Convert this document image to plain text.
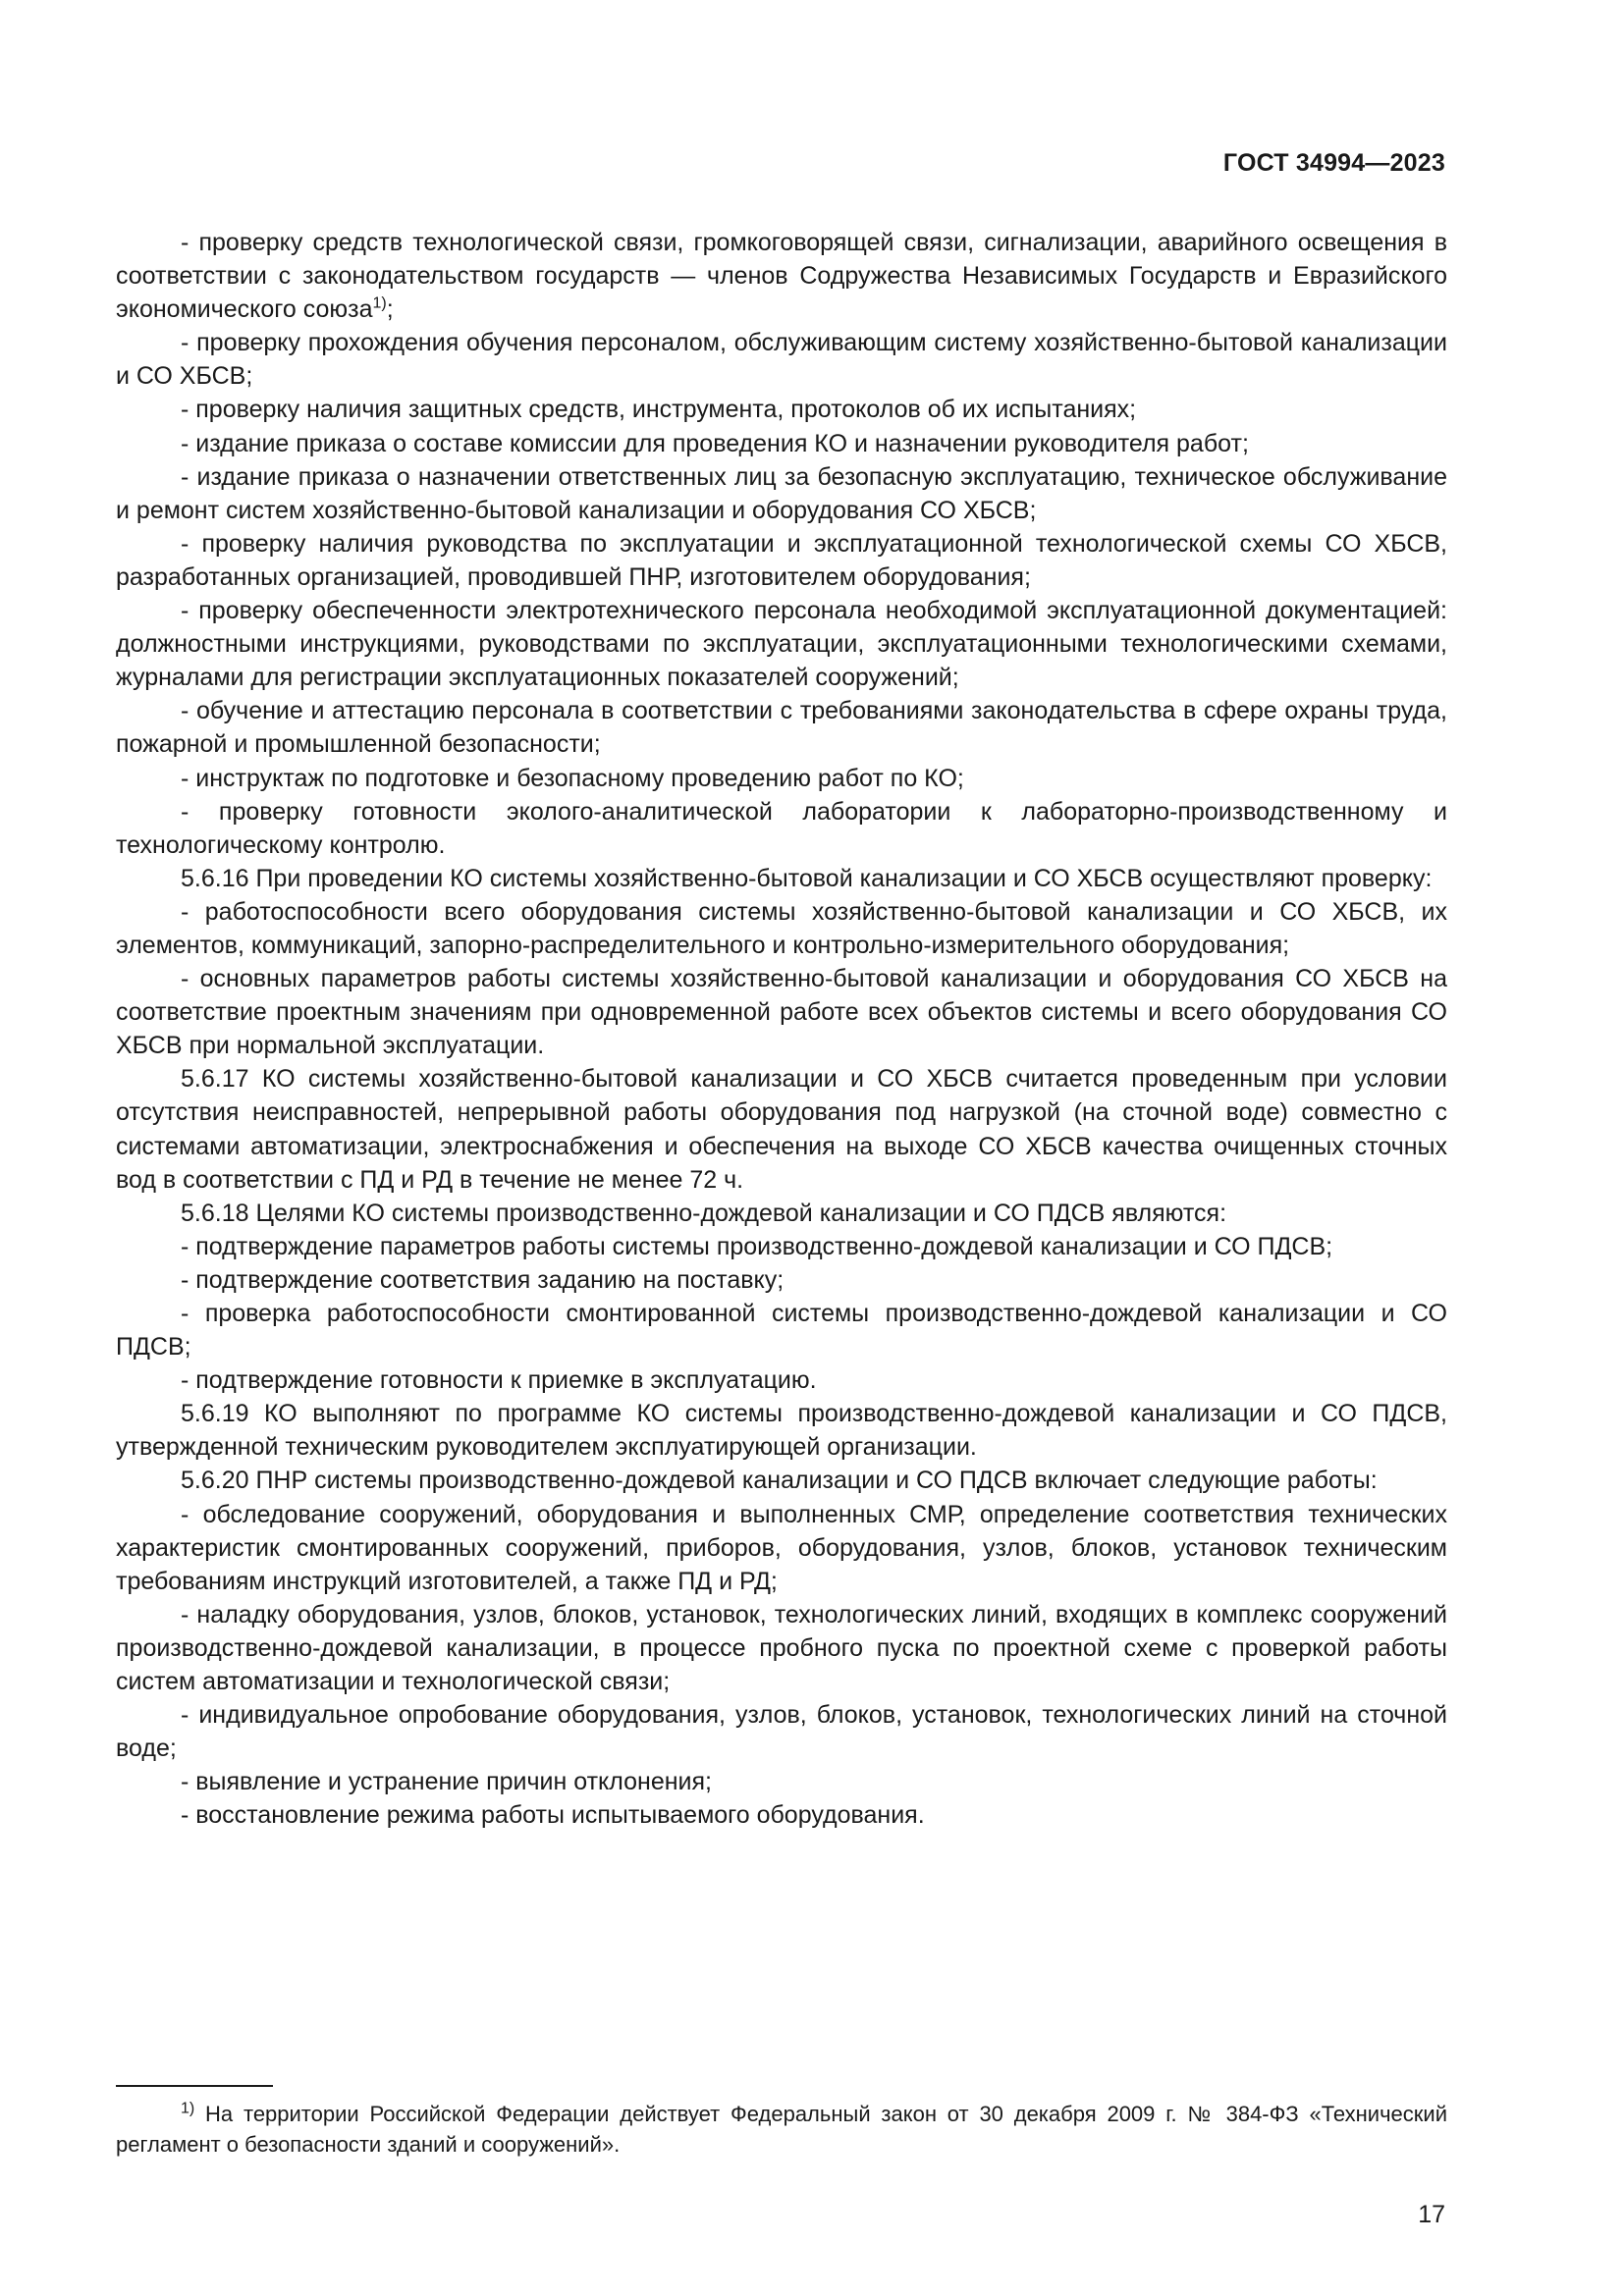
ГОСТ 34994—2023

- проверку средств технологической связи, громкоговорящей связи, сигнализации, аварийного освещения в соответствии с законодательством государств — членов Содружества Независимых Государств и Евразийского экономического союза$^{1)}$;

- проверку прохождения обучения персоналом, обслуживающим систему хозяйственно-бытовой канализации и СО ХБСВ;

- проверку наличия защитных средств, инструмента, протоколов об их испытаниях;

- издание приказа о составе комиссии для проведения КО и назначении руководителя работ;

- издание приказа о назначении ответственных лиц за безопасную эксплуатацию, техническое обслуживание и ремонт систем хозяйственно-бытовой канализации и оборудования СО ХБСВ;

- проверку наличия руководства по эксплуатации и эксплуатационной технологической схемы СО ХБСВ, разработанных организацией, проводившей ПНР, изготовителем оборудования;

- проверку обеспеченности электротехнического персонала необходимой эксплуатационной документацией: должностными инструкциями, руководствами по эксплуатации, эксплуатационными технологическими схемами, журналами для регистрации эксплуатационных показателей сооружений;

- обучение и аттестацию персонала в соответствии с требованиями законодательства в сфере охраны труда, пожарной и промышленной безопасности;

- инструктаж по подготовке и безопасному проведению работ по КО;

- проверку готовности эколого-аналитической лаборатории к лабораторно-производственному и технологическому контролю.

5.6.16 При проведении КО системы хозяйственно-бытовой канализации и СО ХБСВ осуществляют проверку:

- работоспособности всего оборудования системы хозяйственно-бытовой канализации и СО ХБСВ, их элементов, коммуникаций, запорно-распределительного и контрольно-измерительного оборудования;

- основных параметров работы системы хозяйственно-бытовой канализации и оборудования СО ХБСВ на соответствие проектным значениям при одновременной работе всех объектов системы и всего оборудования СО ХБСВ при нормальной эксплуатации.

5.6.17 КО системы хозяйственно-бытовой канализации и СО ХБСВ считается проведенным при условии отсутствия неисправностей, непрерывной работы оборудования под нагрузкой (на сточной воде) совместно с системами автоматизации, электроснабжения и обеспечения на выходе СО ХБСВ качества очищенных сточных вод в соответствии с ПД и РД в течение не менее 72 ч.

5.6.18 Целями КО системы производственно-дождевой канализации и СО ПДСВ являются:

- подтверждение параметров работы системы производственно-дождевой канализации и СО ПДСВ;

- подтверждение соответствия заданию на поставку;

- проверка работоспособности смонтированной системы производственно-дождевой канализации и СО ПДСВ;

- подтверждение готовности к приемке в эксплуатацию.

5.6.19 КО выполняют по программе КО системы производственно-дождевой канализации и СО ПДСВ, утвержденной техническим руководителем эксплуатирующей организации.

5.6.20 ПНР системы производственно-дождевой канализации и СО ПДСВ включает следующие работы:

- обследование сооружений, оборудования и выполненных СМР, определение соответствия технических характеристик смонтированных сооружений, приборов, оборудования, узлов, блоков, установок техническим требованиям инструкций изготовителей, а также ПД и РД;

- наладку оборудования, узлов, блоков, установок, технологических линий, входящих в комплекс сооружений производственно-дождевой канализации, в процессе пробного пуска по проектной схеме с проверкой работы систем автоматизации и технологической связи;

- индивидуальное опробование оборудования, узлов, блоков, установок, технологических линий на сточной воде;

- выявление и устранение причин отклонения;

- восстановление режима работы испытываемого оборудования.

$^{1)}$ На территории Российской Федерации действует Федеральный закон от 30 декабря 2009 г. № 384-ФЗ «Технический регламент о безопасности зданий и сооружений».

17
